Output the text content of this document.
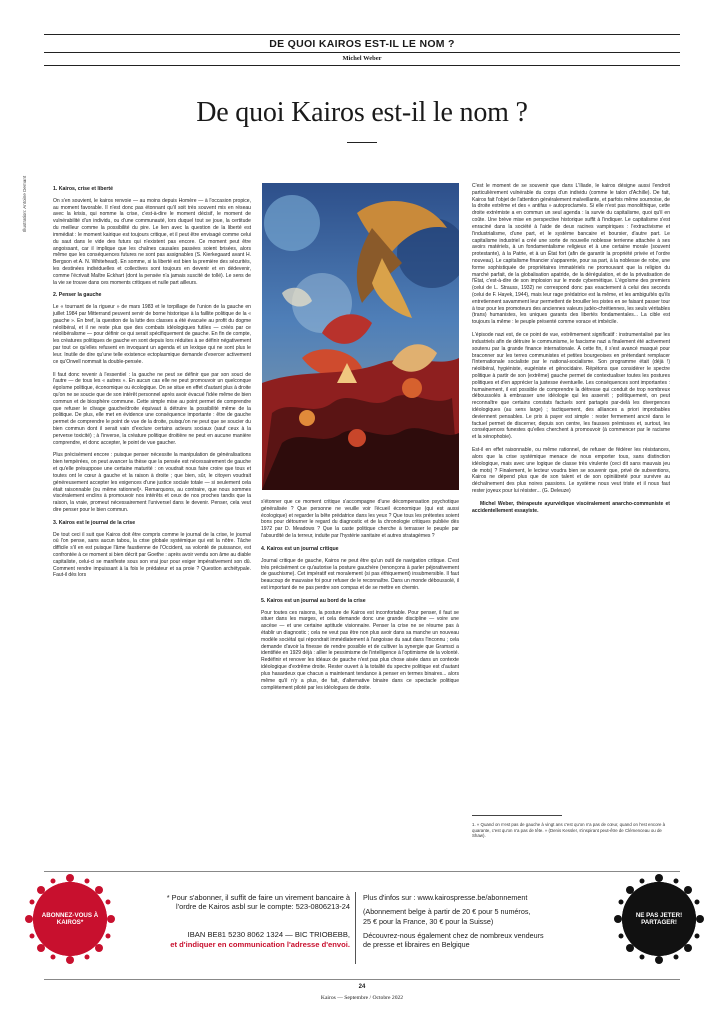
DE QUOI KAIROS EST-IL LE NOM ?
Michel Weber
De quoi Kairos est-il le nom ?
Illustration: Antoine Demant	1. Kairos, crise et liberté

On s'en souvient, le kairos renvoie — au moins depuis Homère — à l'occasion propice, au moment favorable. Il n'est donc pas étonnant qu'il soit très souvent mis en réseau avec la krisis, qui nomme la crise, c'est-à-dire le moment décisif, le moment de vulnérabilité d'un individu, ou d'une communauté, lors duquel tout se joue, la certitude du meilleur comme la possibilité du pire. Le lien avec la question de la liberté est immédiat : le moment kairique est toujours critique, et il peut être envisagé comme celui du saut dans le vide des futurs qui n'existent pas encore. Ce moment peut être angoissant, car il implique que les chaînes causales passées soient brisées, alors même que les conséquences futures ne sont pas assignables (S. Kierkegaard avant H. Bergson et A. N. Whitehead). En somme, si la liberté est bien la première des sécurités, les destinées individuelles et collectives sont toujours en devenir et en dédevenir, comme l'écrivait Maître Eckhart (dont la pensée n'a jamais suscité de tollé). Le sens de la vie se trouve dans ces moments critiques et nulle part ailleurs.

2. Penser la gauche

Le « tournant de la rigueur » de mars 1983 et le torpillage de l'union de la gauche en juillet 1984 par Mitterrand peuvent servir de borne historique à la faillite politique de la « gauche ». En bref, la question de la lutte des classes a été évacuée au profit du dogme néolibéral, et il ne reste plus que des combats idéologiques futiles — créés par ce néolibéralisme — pour définir ce qui serait spécifiquement de gauche. En fin de compte, les créatures politiques de gauche en sont depuis lors réduites à se définir négativement par tout ce qu'elles refusent en invoquant un agenda et un lexique qui ne sont plus le leur. Inutile de dire qu'une telle existence ectoplasmique demande d'exercer activement ce qu'Orwell nommait la double-pensée.

Il faut donc revenir à l'essentiel : la gauche ne peut se définir que par son souci de l'autre — de tous les « autres ». En aucun cas elle ne peut promouvoir un quelconque égoïsme politique, économique ou écologique. On se situe en effet d'autant plus à droite qu'on ne se soucie que de son intérêt personnel après avoir évacué l'idée même de bien commun et de biosphère commune. Cette simple mise au point permet de comprendre que refuser le clivage gauche/droite équivaut à détruire la possibilité même de la politique. De plus, elle met en évidence une conséquence importante : être de gauche permet de comprendre le point de vue de la droite, puisqu'on ne peut que se soucier du bien commun dont il serait vain d'exclure certains acteurs sociaux (sauf ceux à la perverse toxicité) ; à l'inverse, la créature politique droitière ne peut en aucune manière comprendre, et donc accepter, le point de vue gaucher.

Plus précisément encore : puisque penser nécessite la manipulation de généralisations bien tempérées, on peut avancer la thèse que la pensée est nécessairement de gauche et qu'elle présuppose une certaine maturité : on voudrait nous faire croire que tous et toutes ont le cœur à gauche et la raison à droite ; que bien, sûr, le citoyen voudrait généreusement accepter les exigences d'une justice sociale totale — si seulement cela était raisonnable (ou même rationnel)¹. Remarquons, au contraire, que nous sommes viscéralement enclins à promouvoir nos intérêts et ceux de nos proches tandis que la raison, la vraie, promeut nécessairement l'universel dans le devenir. Penser, cela veut dire penser pour le bien commun.

3. Kairos est le journal de la crise

De tout ceci il suit que Kairos doit être compris comme le journal de la crise, le journal où l'on pense, sans aucun tabou, la crise globale systémique qui est la nôtre. Tâche difficile s'il en est puisque l'âme faustienne de l'Occident, sa volonté de puissance, est confrontée à ce moment si bien décrit par Goethe : après avoir vendu son âme au diable capitaliste, celui-ci se manifeste sous son vrai jour pour exiger impérativement son dû. Comment rendre impuissant à la fois le prédateur et sa proie ? Question archétypale. Faut-il dès lors

s'étonner que ce moment critique s'accompagne d'une décompensation psychotique généralisée ? Que personne ne veuille voir l'écueil économique (qui est aussi écologique) et regarder la bête prédatrice dans les yeux ? Que tous les prétextes soient bons pour détourner le regard du diagnostic et de la chronologie critiques publiée dès 1972 par D. Meadows ? Que la caste politique cherche à terrasser le peuple par l'absurdité de la terreur, induite par l'hystérie sanitaire et autres stratagèmes ?

4. Kairos est un journal critique

Journal critique de gauche, Kairos ne peut être qu'un outil de navigation critique. C'est très précisément ce qu'autorise la posture gauchère (renonçons à parler péjorativement de gauchisme). Cet impératif est moralement (si pas éthiquement) insubmersible. Il faut beaucoup de mauvaise foi pour refuser de le reconnaître. Dans un monde déboussolé, il est important de ne pas perdre son compas et de se mettre en chemin.

5. Kairos est un journal au bord de la crise

Pour toutes ces raisons, la posture de Kairos est inconfortable. Pour penser, il faut se situer dans les marges, et cela demande donc une grande discipline — voire une ascèse — et une certaine aptitude visionnaire. Penser la crise ne se résume pas à établir un diagnostic ; cela ne veut pas être non plus avoir dans sa manche un nouveau modèle sociétal qui répondrait immédiatement à l'angoisse du saut dans l'inconnu ; cela demande d'avoir la finesse de rendre possible et de cultiver la synergie que Gramsci a identifiée en 1929 déjà : allier le pessimisme de l'intelligence à l'optimisme de la volonté. Redéfinir et renover les idéaux de gauche n'est pas plus chose aisée dans un contexte idéologique d'extrême droite. Rester ouvert à la totalité du spectre politique est d'autant plus hasardeux que chacun a maintenant tendance à penser en termes binaires... alors même qu'il n'y a plus, de fait, d'alternative binaire dans ce spectacle politique complètement piloté par les idéologues de droite.

C'est le moment de se souvenir que dans L'Iliade, le kairos désigne aussi l'endroit particulièrement vulnérable du corps d'un individu (comme le talon d'Achille). De fait, Kairos fait l'objet de l'attention généralement malveillante, et parfois même sournoise, de la droite extrême et des « antifas » autoproclamés. Si elle n'est pas monolithique, cette droite extrémiste a en commun un seul agenda : la survie du capitalisme, quoi qu'il en coûte. Une brève mise en perspective historique suffit à l'indiquer. Le capitalisme s'est enraciné dans la société à l'aide de deux racines vampiriques : l'extractivisme et l'industrialisme, d'une part, et le système bancaire et boursier, d'autre part. Le capitalisme industriel a créé une sorte de nouvelle noblesse terrienne attachée à ses avoirs matériels, à un fondamentalisme religieux et à une certaine morale (souvent protestante), à la Patrie, et à un État fort (afin de garantir la propriété privée et l'ordre nouveau). Le capitalisme financier s'apparente, pour sa part, à la noblesse de robe, une forme sophistiquée de propriétaires immatériels ne promouvant que la religion du marché parfait, de la globalisation apatride, de la dérégulation, et de la privatisation de l'État, c'est-à-dire de son implosion sur le mode cybernétique. L'égoïsme des premiers (celui de L. Strauss, 1932) ne correspond donc pas exactement à celui des seconds (celui de F. Hayek, 1944), mais leur rage prédatrice est la même, et les ambiguïtés qu'ils entretiennent savamment leur permettent de brouiller les pistes en se faisant passer tour à tour pour les promoteurs des anciennes valeurs judéo-chrétiennes, les seuls véritables (trans) humanistes, les uniques garants des libertés fondamentales... La cible est toujours la même : le peuple présenté comme vorace et imbécile.

L'épisode nazi est, de ce point de vue, extrêmement significatif : instrumentalisé par les industriels afin de détruire le communisme, le fascisme nazi a finalement été activement soutenu par la grande finance internationale. À cette fin, il s'est avancé masqué pour braconner sur les terres communistes et petites bourgeoises en prétendant remplacer l'Internationale socialiste par le national-socialisme. Son programme était (déjà !) néolibéral, hygiéniste, eugéniste et génocidaire. Répétons que considérer le spectre politique à partir de son (extrême) gauche permet de contextualiser toutes les postures politiques et d'en apprécier la justesse éventuelle. Les conséquences sont importantes : humainement, il est possible de comprendre la détresse qui conduit de trop nombreux déboussolés à embrasser une idéologie qui les asservit ; politiquement, on peut reconnaître que certains constats factuels sont partagés par-delà les divergences idéologiques (au sens large) ; tactiquement, des alliances a priori improbables deviennent pensables. Le prix à payer est simple : rester fermement ancré dans le factuel permet de discerner, depuis son centre, les fausses prémisses et, surtout, les conséquences funestes qu'elles cherchent à promouvoir (à commencer par le racisme et la xénophobie).

Est-il en effet raisonnable, ou même rationnel, de refuser de fédérer les résistances, alors que la crise systémique menace de nous emporter tous, sans distinction idéologique, mais avec une logique de classe très virulente (ceci dit sans mauvais jeu de mots) ? Finalement, le lecteur voudra bien se souvenir que, privé de subventions, Kairos ne dépend plus que de son talent et de son opiniâtreté pour survivre au déchaînement des plus noires passions. Le système nous veut triste et il nous faut rester joyeux pour lui résister... (G. Deleuze)

Michel Weber, thérapeute ayurvédique viscéralement anarcho-communiste et accidentellement essayiste.

1. « Quand on n'est pas de gauche à vingt ans c'est qu'on n'a pas de cœur, quand on l'est encore à quarante, c'est qu'on n'a pas de tête. » (Denis Kessler, s'inspirant peut-être de Clémenceau ou de Shaw).
ABONNEZ-VOUS À KAIROS*
* Pour s'abonner, il suffit de faire un virement bancaire à
l'ordre de Kairos asbl sur le compte: 523-0806213-24
IBAN BE81 5230 8062 1324 — BIC TRIOBEBB,
et d'indiquer en communication l'adresse d'envoi.
Plus d'infos sur : www.kairospresse.be/abonnement
(Abonnement belge à partir de 20 € pour 5 numéros,
25 € pour la France, 30 € pour la Suisse)
Découvrez-nous également chez de nombreux vendeurs
de presse et libraires en Belgique
NE PAS JETER! PARTAGER!
24
Kairos — Septembre / Octobre 2022
